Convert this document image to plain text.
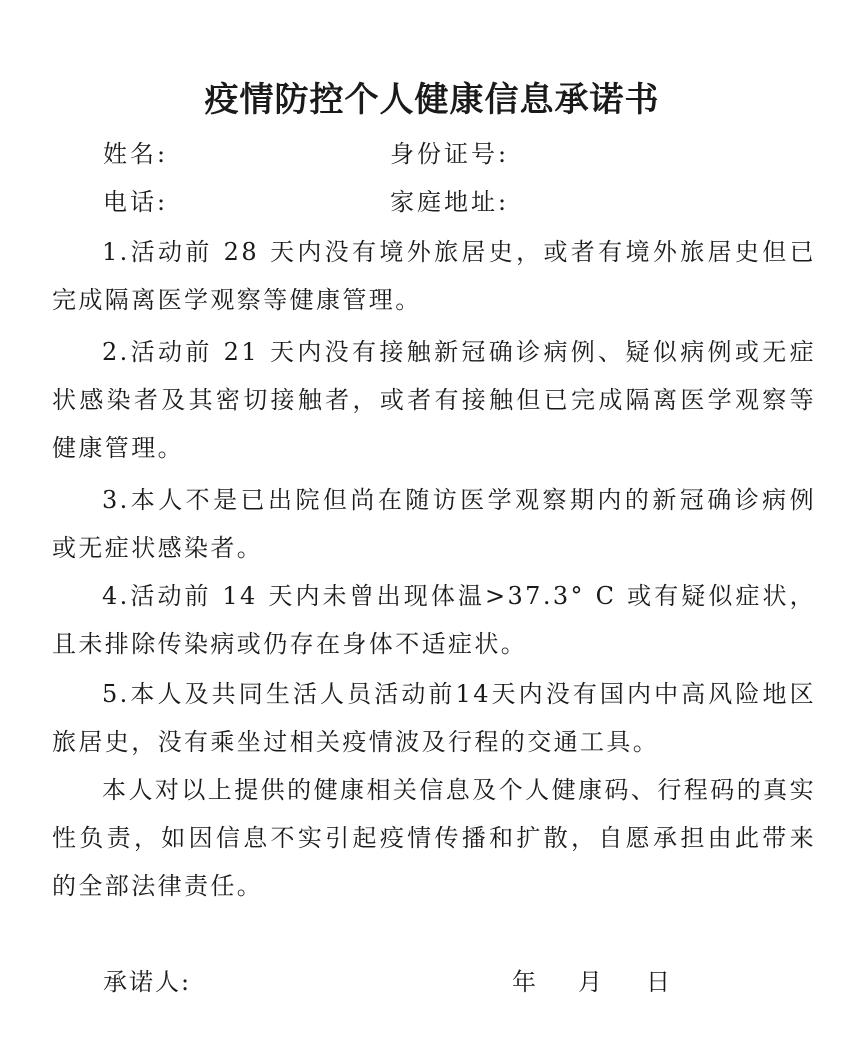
疫情防控个人健康信息承诺书
姓名:	身份证号:
电话:	家庭地址:

1.活动前 28 天内没有境外旅居史，或者有境外旅居史但已完成隔离医学观察等健康管理。

2.活动前 21 天内没有接触新冠确诊病例、疑似病例或无症状感染者及其密切接触者，或者有接触但已完成隔离医学观察等健康管理。

3.本人不是已出院但尚在随访医学观察期内的新冠确诊病例或无症状感染者。

4.活动前 14 天内未曾出现体温>37.3° C 或有疑似症状，且未排除传染病或仍存在身体不适症状。

5.本人及共同生活人员活动前14天内没有国内中高风险地区旅居史，没有乘坐过相关疫情波及行程的交通工具。

本人对以上提供的健康相关信息及个人健康码、行程码的真实性负责，如因信息不实引起疫情传播和扩散，自愿承担由此带来的全部法律责任。

承诺人:	年 月 日
